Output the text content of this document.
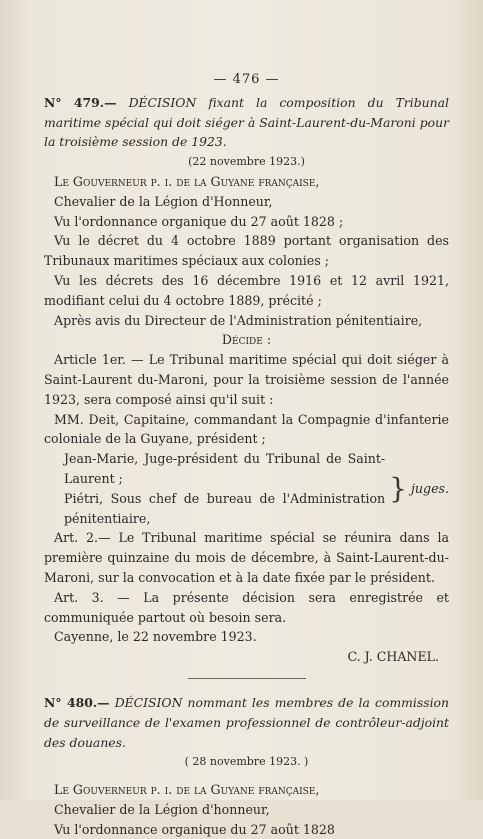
— 476 —

N° 479.— DÉCISION fixant la composition du Tribunal maritime spécial qui doit siéger à Saint-Laurent-du-Maroni pour la troisième session de 1923.

(22 novembre 1923.)

Le Gouverneur p. i. de la Guyane française,

Chevalier de la Légion d'Honneur,

Vu l'ordonnance organique du 27 août 1828 ;

Vu le décret du 4 octobre 1889 portant organisation des Tribunaux maritimes spéciaux aux colonies ;

Vu les décrets des 16 décembre 1916 et 12 avril 1921, modifiant celui du 4 octobre 1889, précité ;

Après avis du Directeur de l'Administration pénitentiaire,

Décide :

Article 1er. — Le Tribunal maritime spécial qui doit siéger à Saint-Laurent du-Maroni, pour la troisième session de l'année 1923, sera composé ainsi qu'il suit :

MM. Deit, Capitaine, commandant la Compagnie d'infanterie coloniale de la Guyane, président ;

Jean-Marie, Juge-président du Tribunal de Saint-Laurent ;

Piétri, Sous chef de bureau de l'Administration pénitentiaire,

} juges.

Art. 2.— Le Tribunal maritime spécial se réunira dans la première quinzaine du mois de décembre, à Saint-Laurent-du-Maroni, sur la convocation et à la date fixée par le président.

Art. 3. — La présente décision sera enregistrée et communiquée partout où besoin sera.

Cayenne, le 22 novembre 1923.

C. J. CHANEL.

N° 480.— DÉCISION nommant les membres de la commission de surveillance de l'examen professionnel de contrôleur-adjoint des douanes.

( 28 novembre 1923. )

Le Gouverneur p. i. de la Guyane française,

Chevalier de la Légion d'honneur,

Vu l'ordonnance organique du 27 août 1828
